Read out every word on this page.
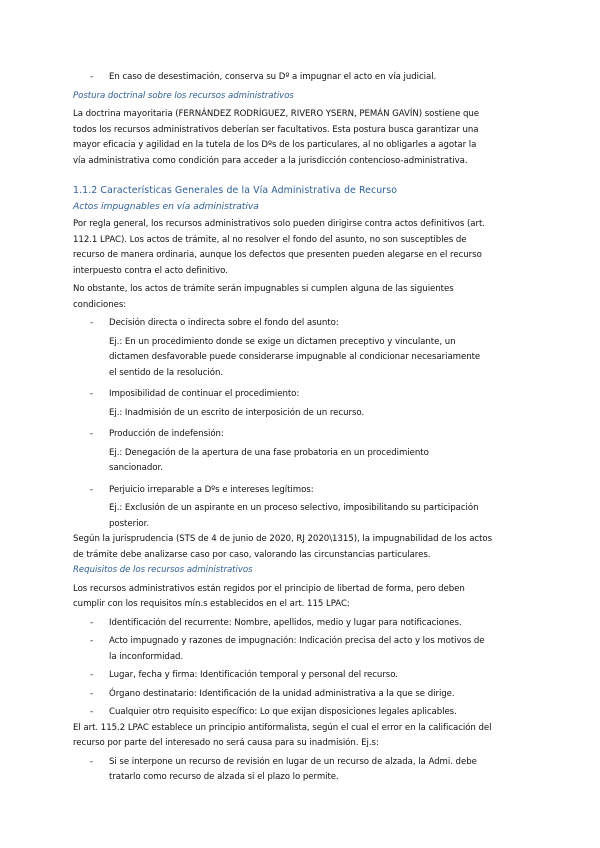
- En caso de desestimación, conserva su Dº a impugnar el acto en vía judicial.
Postura doctrinal sobre los recursos administrativos
La doctrina mayoritaria (FERNÁNDEZ RODRÍGUEZ, RIVERO YSERN, PEMÁN GAVÍN) sostiene que
todos los recursos administrativos deberían ser facultativos. Esta postura busca garantizar una
mayor eficacia y agilidad en la tutela de los Dºs de los particulares, al no obligarles a agotar la
vía administrativa como condición para acceder a la jurisdicción contencioso-administrativa.
1.1.2 Características Generales de la Vía Administrativa de Recurso
Actos impugnables en vía administrativa
Por regla general, los recursos administrativos solo pueden dirigirse contra actos definitivos (art.
112.1 LPAC). Los actos de trámite, al no resolver el fondo del asunto, no son susceptibles de
recurso de manera ordinaria, aunque los defectos que presenten pueden alegarse en el recurso
interpuesto contra el acto definitivo.
No obstante, los actos de trámite serán impugnables si cumplen alguna de las siguientes
condiciones:
- Decisión directa o indirecta sobre el fondo del asunto:
Ej.: En un procedimiento donde se exige un dictamen preceptivo y vinculante, un
dictamen desfavorable puede considerarse impugnable al condicionar necesariamente
el sentido de la resolución.
- Imposibilidad de continuar el procedimiento:
Ej.: Inadmisión de un escrito de interposición de un recurso.
- Producción de indefensión:
Ej.: Denegación de la apertura de una fase probatoria en un procedimiento
sancionador.
- Perjuicio irreparable a Dºs e intereses legítimos:
Ej.: Exclusión de un aspirante en un proceso selectivo, imposibilitando su participación
posterior.
Según la jurisprudencia (STS de 4 de junio de 2020, RJ 2020\1315), la impugnabilidad de los actos
de trámite debe analizarse caso por caso, valorando las circunstancias particulares.
Requisitos de los recursos administrativos
Los recursos administrativos están regidos por el principio de libertad de forma, pero deben
cumplir con los requisitos mín.s establecidos en el art. 115 LPAC:
- Identificación del recurrente: Nombre, apellidos, medio y lugar para notificaciones.
- Acto impugnado y razones de impugnación: Indicación precisa del acto y los motivos de
la inconformidad.
- Lugar, fecha y firma: Identificación temporal y personal del recurso.
- Órgano destinatario: Identificación de la unidad administrativa a la que se dirige.
- Cualquier otro requisito específico: Lo que exijan disposiciones legales aplicables.
El art. 115.2 LPAC establece un principio antiformalista, según el cual el error en la calificación del
recurso por parte del interesado no será causa para su inadmisión. Ej.s:
- Si se interpone un recurso de revisión en lugar de un recurso de alzada, la Admi. debe
tratarlo como recurso de alzada si el plazo lo permite.
